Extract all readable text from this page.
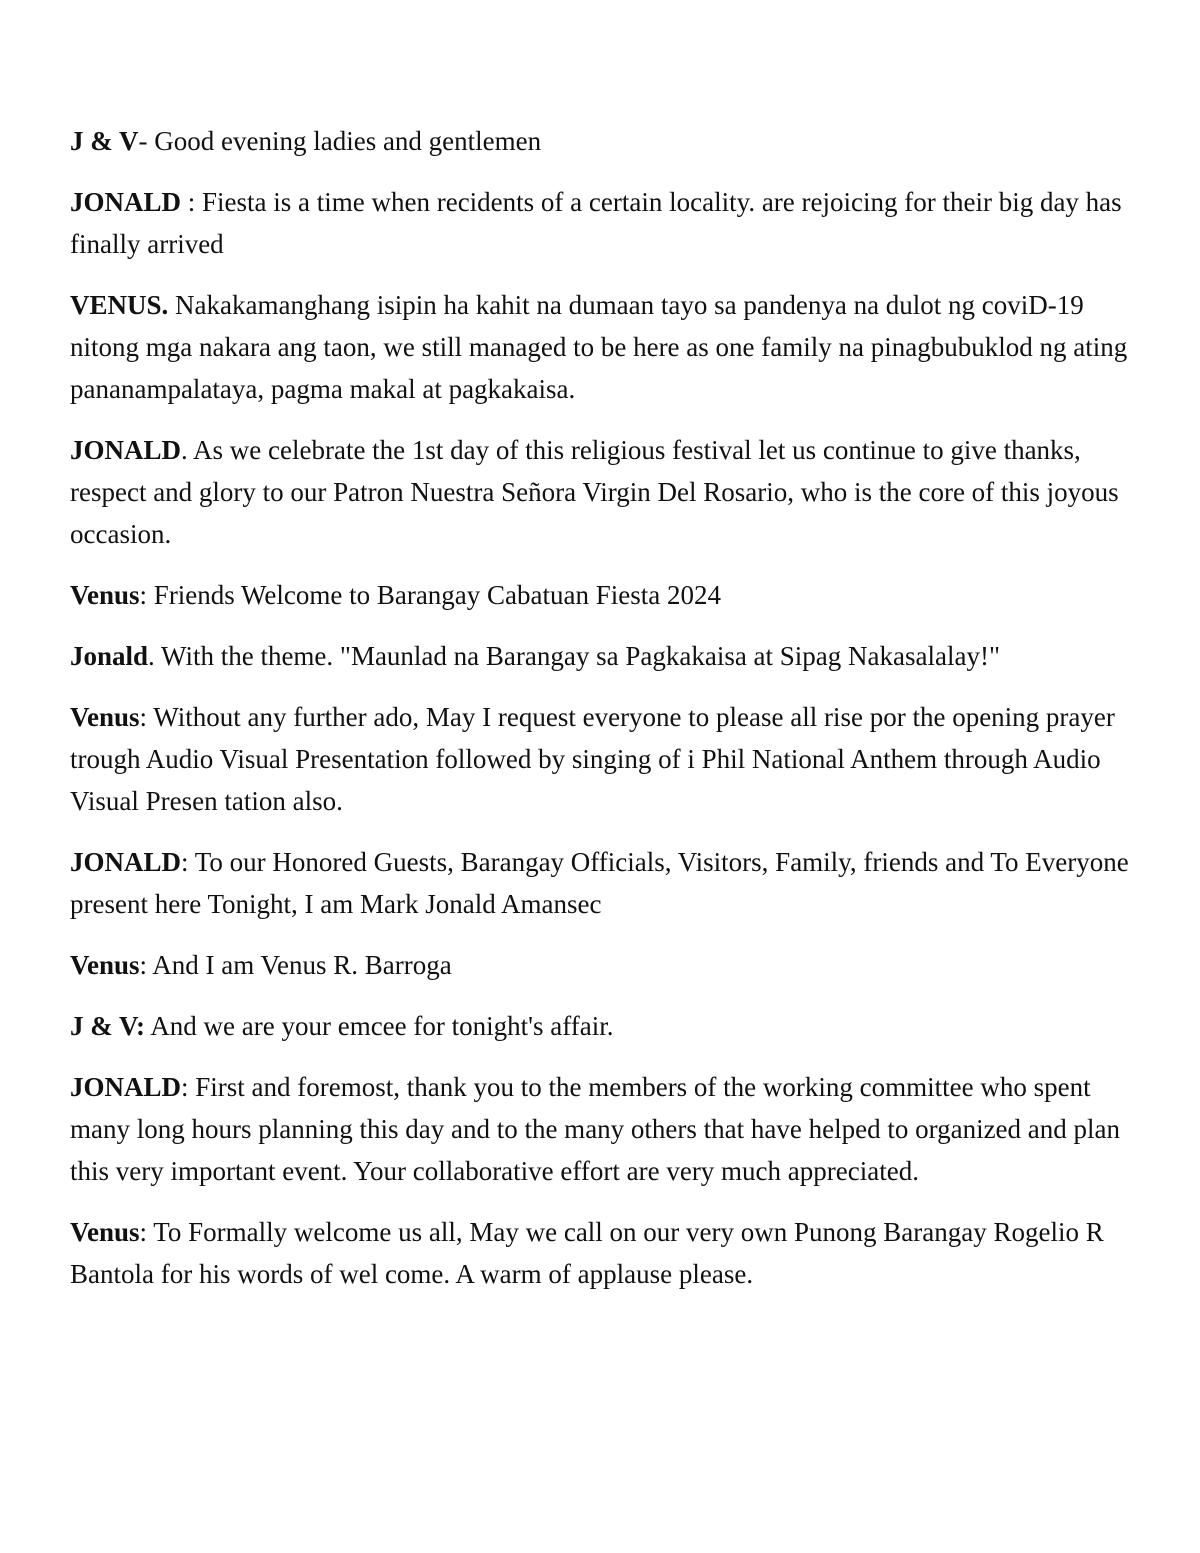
J & V- Good evening ladies and gentlemen

JONALD : Fiesta is a time when recidents of a certain locality. are rejoicing for their big day has finally arrived

VENUS. Nakakamanghang isipin ha kahit na dumaan tayo sa pandenya na dulot ng coviD-19 nitong mga nakara ang taon, we still managed to be here as one family na pinagbubuklod ng ating pananampalataya, pagma makal at pagkakaisa.

JONALD. As we celebrate the 1st day of this religious festival let us continue to give thanks, respect and glory to our Patron Nuestra Señora Virgin Del Rosario, who is the core of this joyous occasion.

Venus: Friends Welcome to Barangay Cabatuan Fiesta 2024

Jonald. With the theme. "Maunlad na Barangay sa Pagkakaisa at Sipag Nakasalalay!"

Venus: Without any further ado, May I request everyone to please all rise por the opening prayer trough Audio Visual Presentation followed by singing of i Phil National Anthem through Audio Visual Presen tation also.

JONALD: To our Honored Guests, Barangay Officials, Visitors, Family, friends and To Everyone present here Tonight, I am Mark Jonald Amansec

Venus: And I am Venus R. Barroga

J & V: And we are your emcee for tonight's affair.

JONALD: First and foremost, thank you to the members of the working committee who spent many long hours planning this day and to the many others that have helped to organized and plan this very important event. Your collaborative effort are very much appreciated.

Venus: To Formally welcome us all, May we call on our very own Punong Barangay Rogelio R Bantola for his words of wel come. A warm of applause please.
